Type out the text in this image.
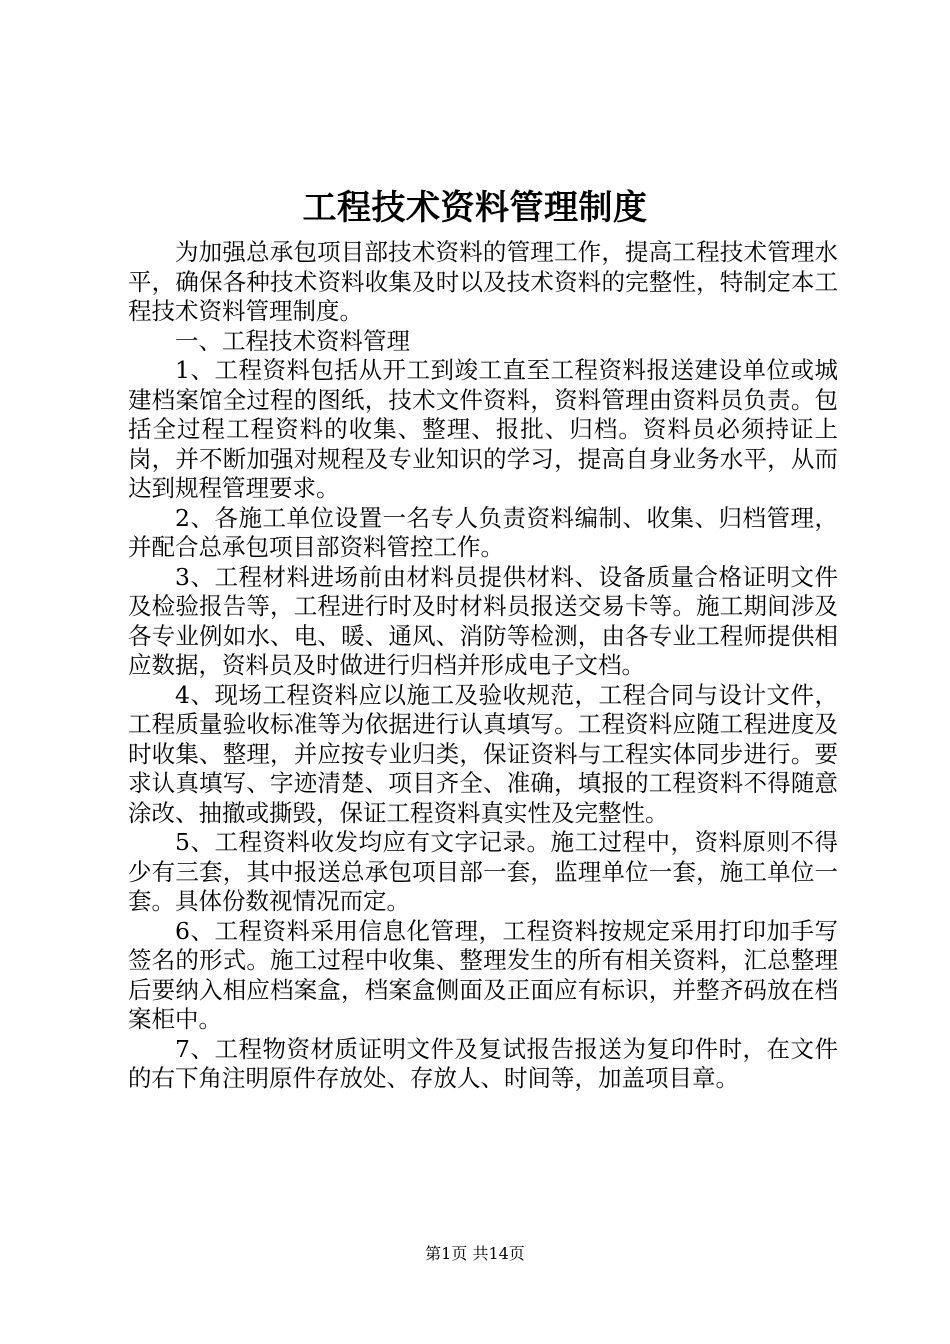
工程技术资料管理制度

为加强总承包项目部技术资料的管理工作，提高工程技术管理水平，确保各种技术资料收集及时以及技术资料的完整性，特制定本工程技术资料管理制度。

一、工程技术资料管理

1、工程资料包括从开工到竣工直至工程资料报送建设单位或城建档案馆全过程的图纸，技术文件资料，资料管理由资料员负责。包括全过程工程资料的收集、整理、报批、归档。资料员必须持证上岗，并不断加强对规程及专业知识的学习，提高自身业务水平，从而达到规程管理要求。

2、各施工单位设置一名专人负责资料编制、收集、归档管理，并配合总承包项目部资料管控工作。

3、工程材料进场前由材料员提供材料、设备质量合格证明文件及检验报告等，工程进行时及时材料员报送交易卡等。施工期间涉及各专业例如水、电、暖、通风、消防等检测，由各专业工程师提供相应数据，资料员及时做进行归档并形成电子文档。

4、现场工程资料应以施工及验收规范，工程合同与设计文件，工程质量验收标准等为依据进行认真填写。工程资料应随工程进度及时收集、整理，并应按专业归类，保证资料与工程实体同步进行。要求认真填写、字迹清楚、项目齐全、准确，填报的工程资料不得随意涂改、抽撤或撕毁，保证工程资料真实性及完整性。

5、工程资料收发均应有文字记录。施工过程中，资料原则不得少有三套，其中报送总承包项目部一套，监理单位一套，施工单位一套。具体份数视情况而定。

6、工程资料采用信息化管理，工程资料按规定采用打印加手写签名的形式。施工过程中收集、整理发生的所有相关资料，汇总整理后要纳入相应档案盒，档案盒侧面及正面应有标识，并整齐码放在档案柜中。

7、工程物资材质证明文件及复试报告报送为复印件时，在文件的右下角注明原件存放处、存放人、时间等，加盖项目章。

第1页 共14页
